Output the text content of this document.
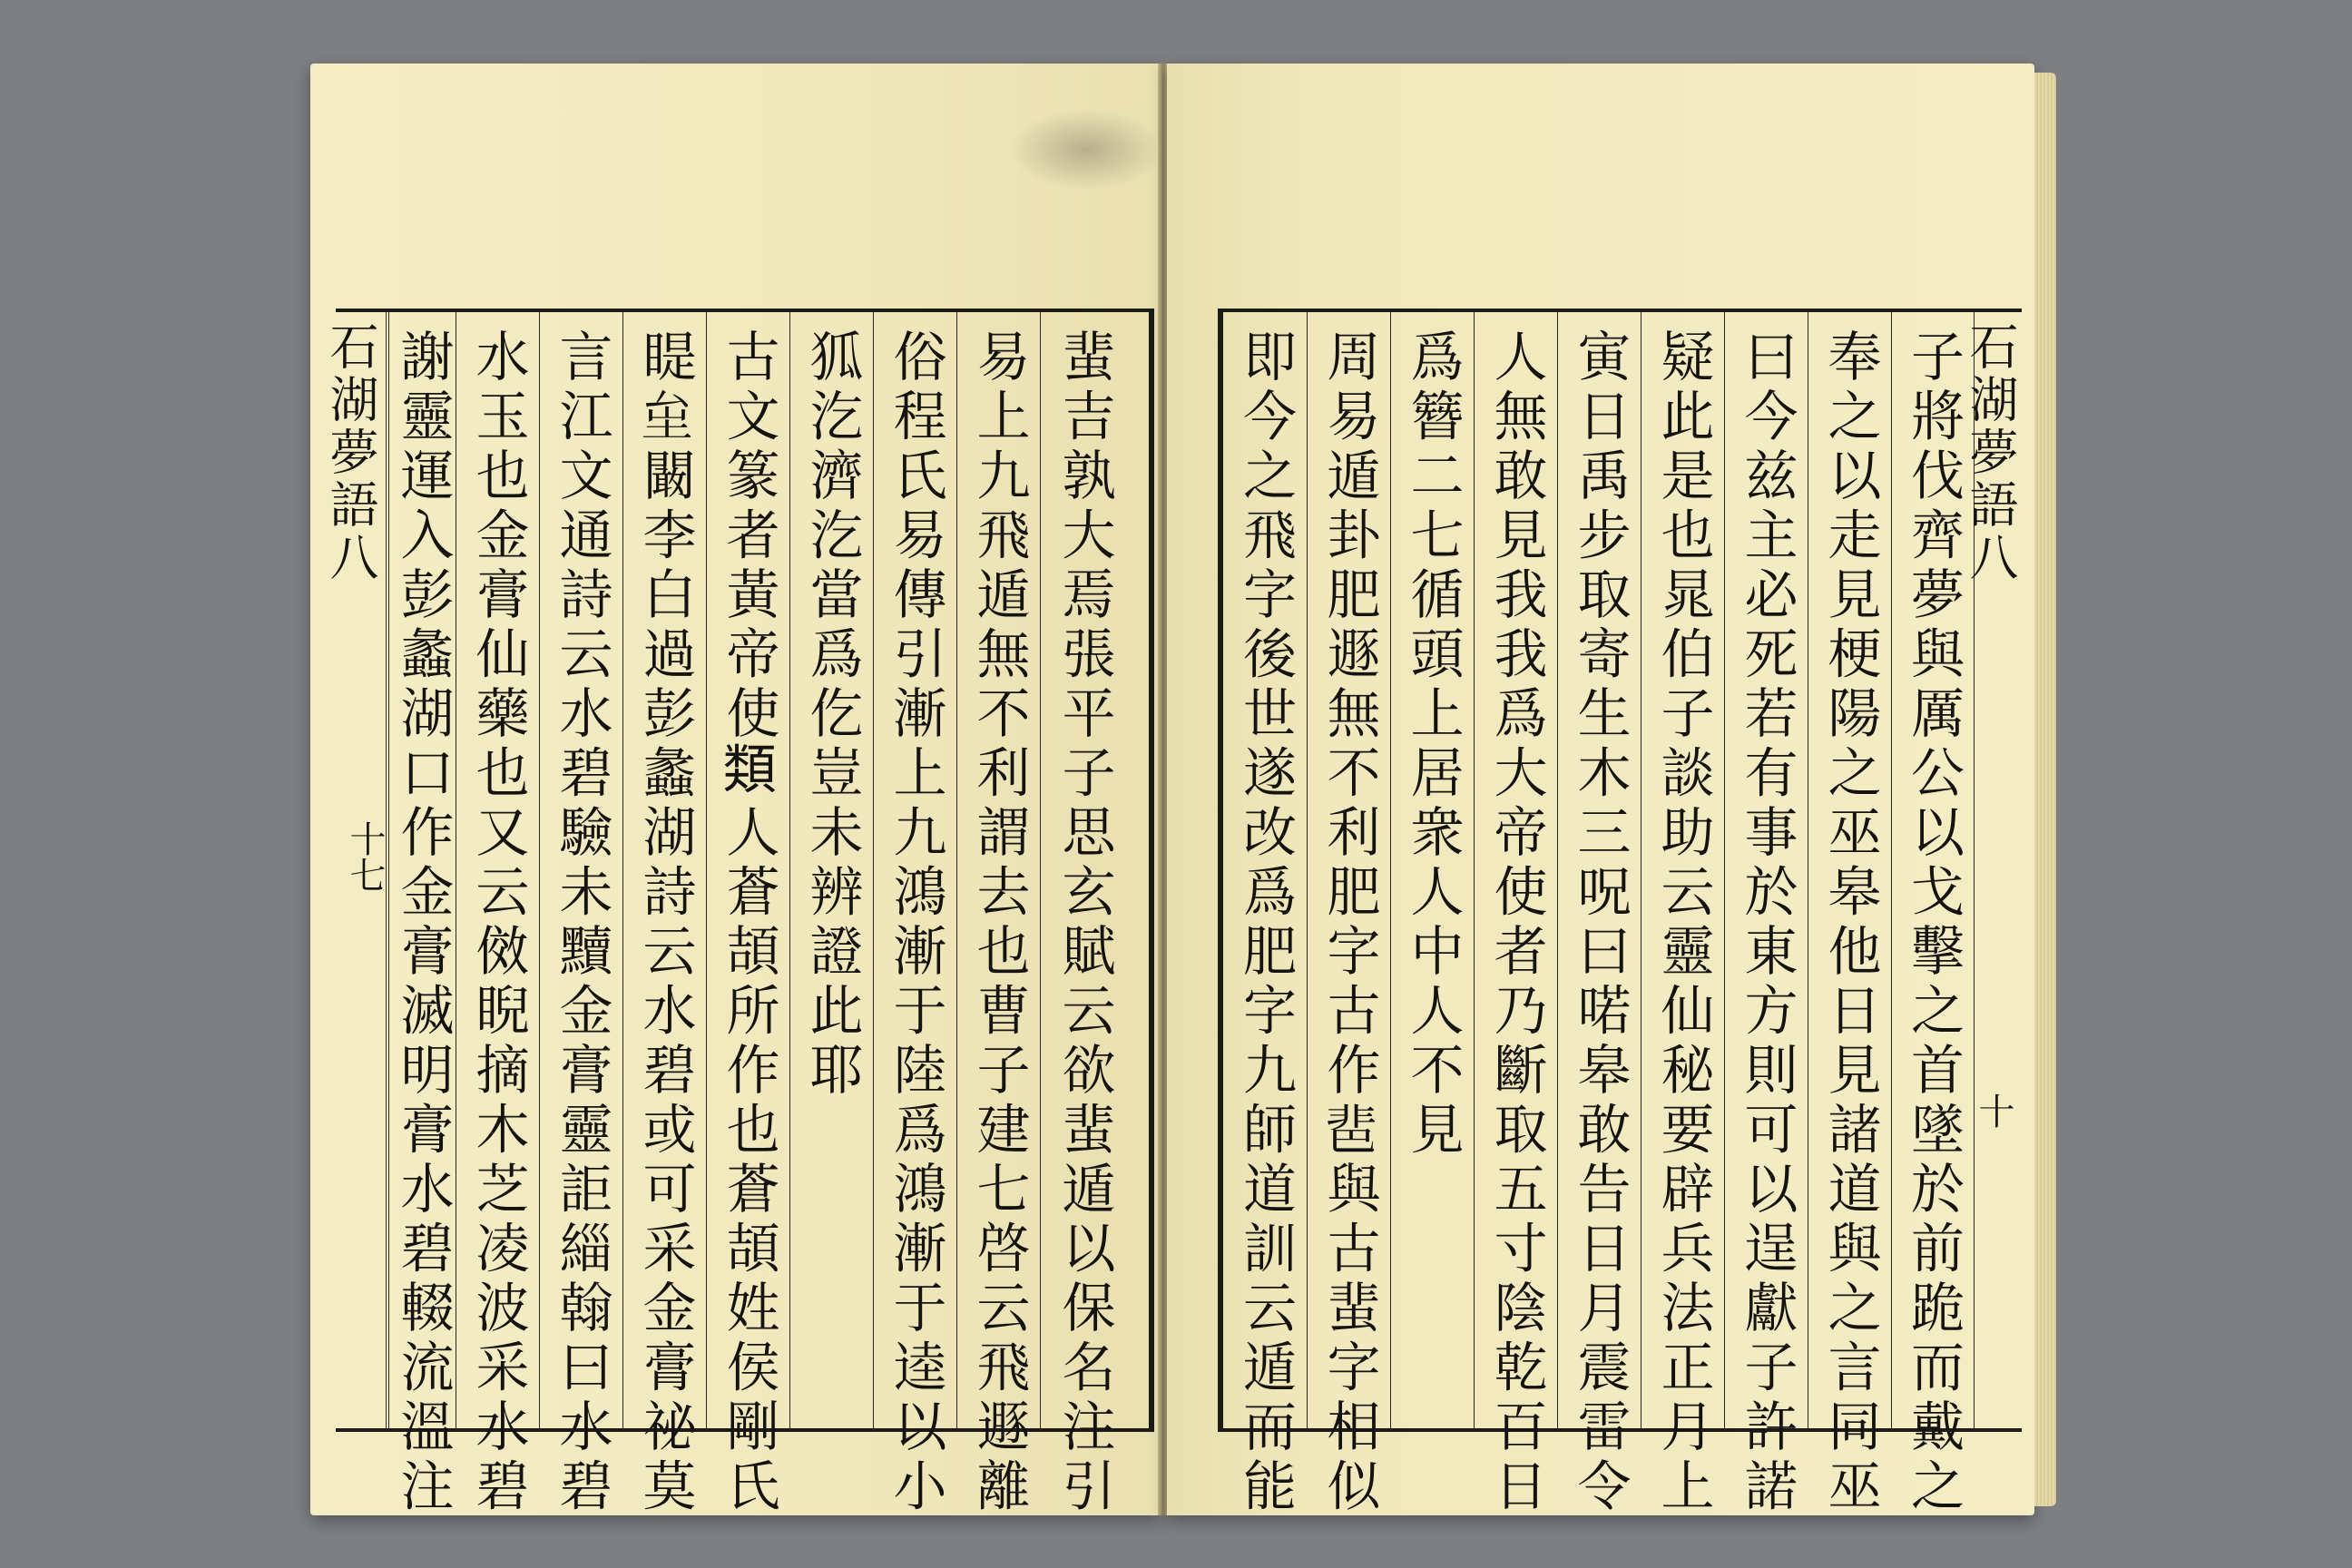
石湖夢語八
十七	蜚吉孰大焉張平子思玄賦云欲蜚遁以保名注引
易上九飛遁無不利謂去也曹子建七啓云飛遯離
俗程氏易傳引漸上九鴻漸于陸爲鴻漸于逵以小
狐汔濟汔當爲仡豈未辨證此耶
古文篆者黃帝使𩔖人蒼頡所作也蒼頡姓侯剛氏
睼𡊏闞李白過彭蠡湖詩云水碧或可采金膏祕莫
言江文通詩云水碧驗未黷金膏靈詎緇翰曰水碧
水玉也金膏仙藥也又云傚睨摘木芝凌波采水碧
謝靈運入彭蠡湖口作金膏滅明膏水碧輟流溫注	即今之飛字後世遂改爲肥字九師道訓云遁而能 周易遁卦肥遯無不利肥字古作𩇯與古蜚字相似 爲簪二七循頭上居衆人中人不見 人無敢見我我爲大帝使者乃斷取五寸陰乾百日 寅日禹步取寄生木三呪曰喏皋敢告日月震雷令 疑此是也晁伯子談助云靈仙秘要辟兵法正月上 曰今兹主必死若有事於東方則可以逞獻子許諾 奉之以走見梗陽之巫皋他日見諸道與之言同巫 子將伐齊夢與厲公以戈擊之首墜於前跪而戴之
石湖夢語八
十
